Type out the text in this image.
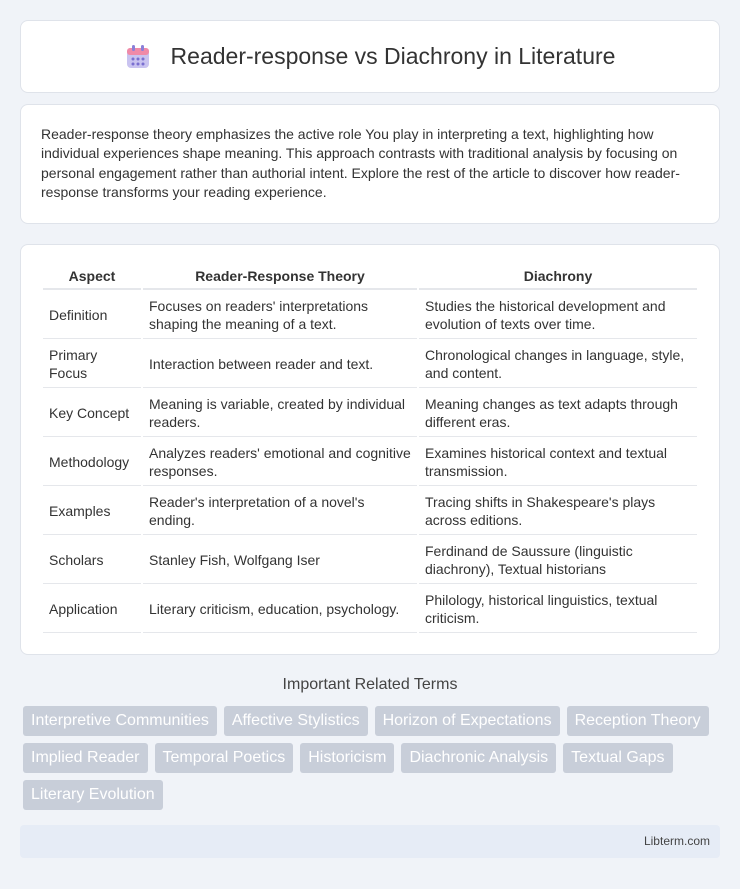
Reader-response vs Diachrony in Literature

Reader-response theory emphasizes the active role You play in interpreting a text, highlighting how individual experiences shape meaning. This approach contrasts with traditional analysis by focusing on personal engagement rather than authorial intent. Explore the rest of the article to discover how reader-response transforms your reading experience.

Aspect	Reader-Response Theory	Diachrony
Definition	Focuses on readers' interpretations shaping the meaning of a text.	Studies the historical development and evolution of texts over time.
Primary Focus	Interaction between reader and text.	Chronological changes in language, style, and content.
Key Concept	Meaning is variable, created by individual readers.	Meaning changes as text adapts through different eras.
Methodology	Analyzes readers' emotional and cognitive responses.	Examines historical context and textual transmission.
Examples	Reader's interpretation of a novel's ending.	Tracing shifts in Shakespeare's plays across editions.
Scholars	Stanley Fish, Wolfgang Iser	Ferdinand de Saussure (linguistic diachrony), Textual historians
Application	Literary criticism, education, psychology.	Philology, historical linguistics, textual criticism.
Important Related Terms
Interpretive Communities	Affective Stylistics	Horizon of Expectations	Reception Theory
Implied Reader	Temporal Poetics	Historicism	Diachronic Analysis	Textual Gaps
Literary Evolution
Libterm.com
